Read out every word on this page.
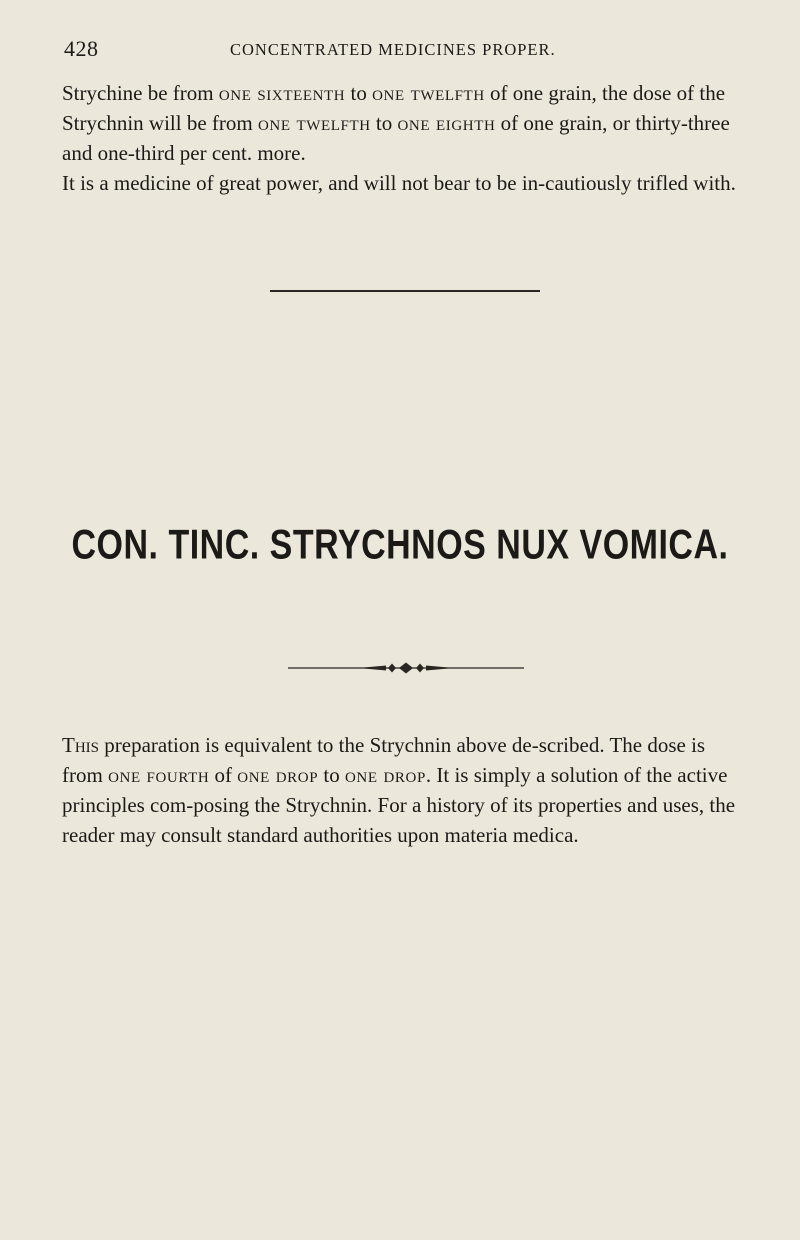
428	CONCENTRATED MEDICINES PROPER.

Strychine be from one sixteenth to one twelfth of one grain, the dose of the Strychnin will be from one twelfth to one eighth of one grain, or thirty-three and one-third per cent. more.

It is a medicine of great power, and will not bear to be in-cautiously trifled with.

CON. TINC. STRYCHNOS NUX VOMICA.

This preparation is equivalent to the Strychnin above de-scribed. The dose is from one fourth of one drop to one drop. It is simply a solution of the active principles com-posing the Strychnin. For a history of its properties and uses, the reader may consult standard authorities upon materia medica.
